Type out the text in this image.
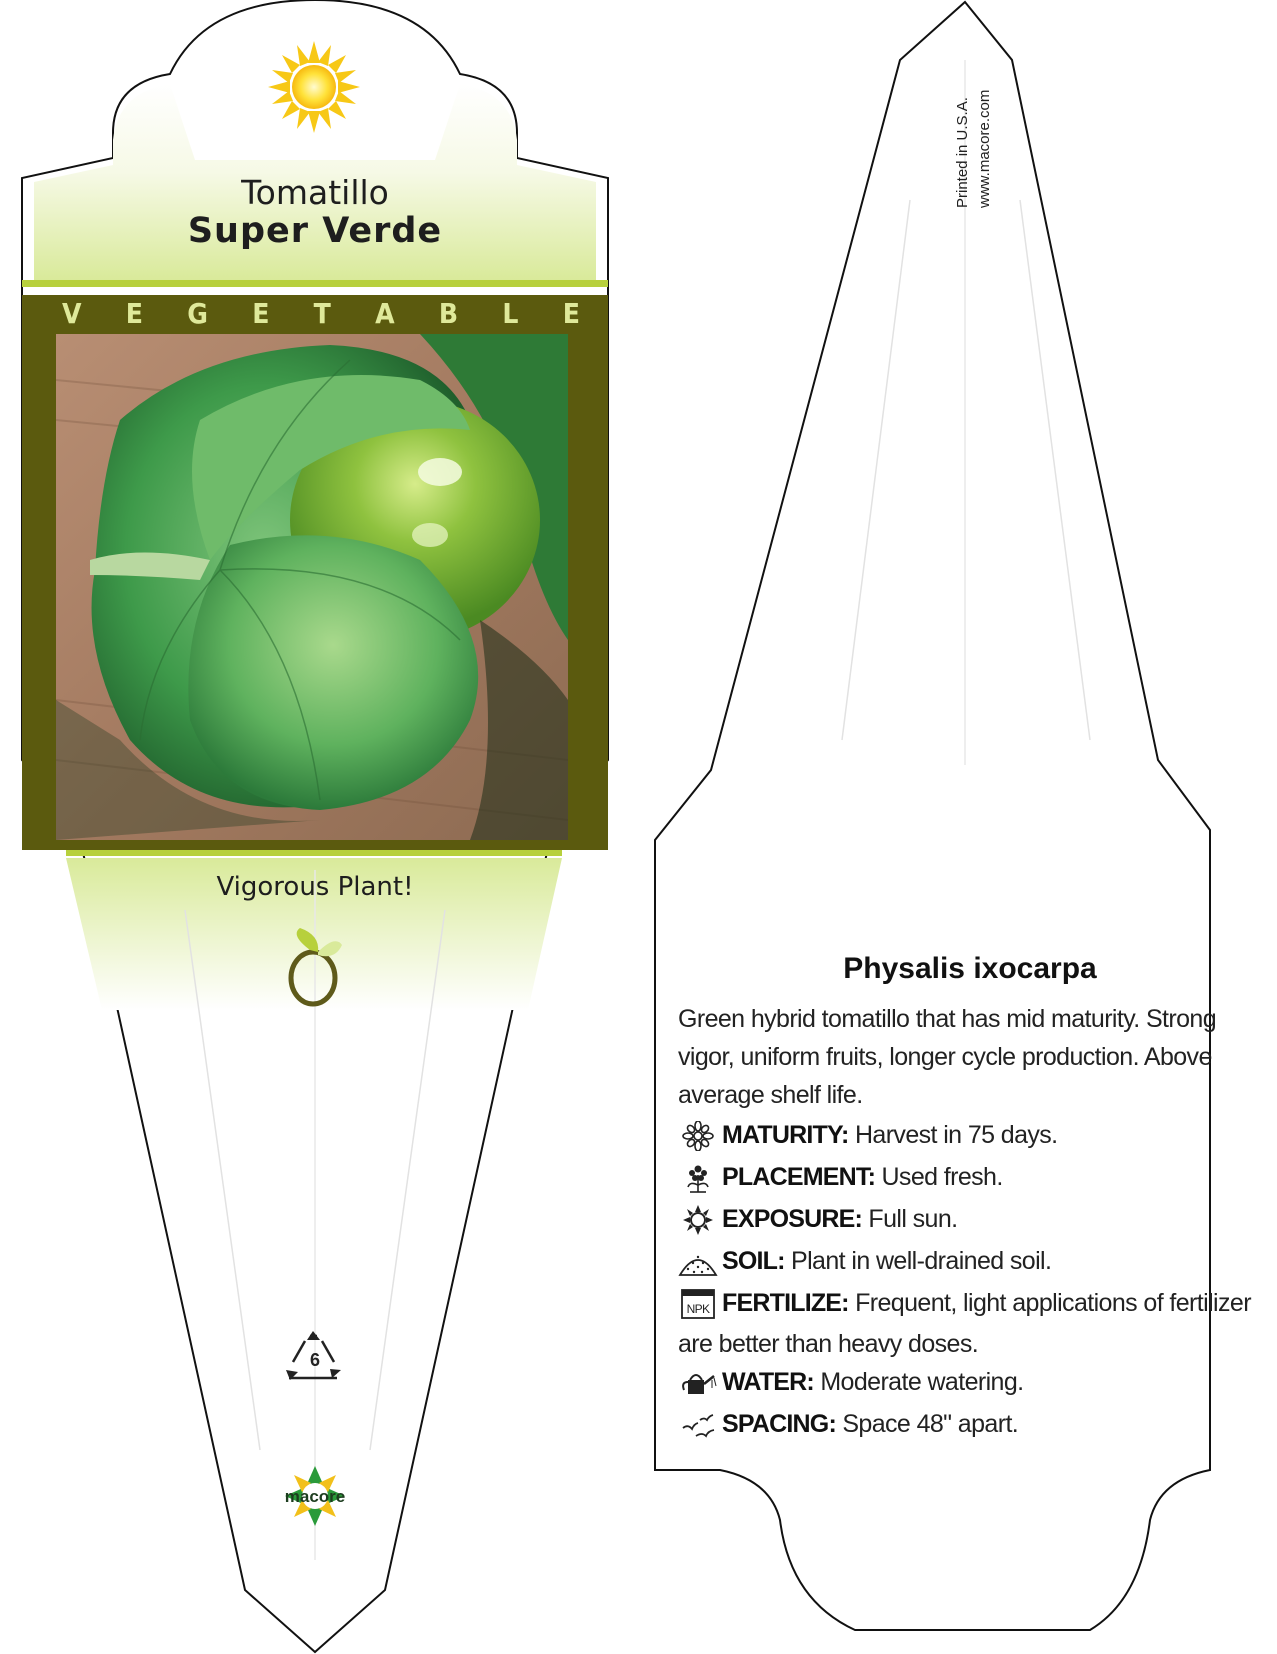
Tomatillo
Super Verde
V E G E T A B L E
Vigorous Plant!
6
macore
Printed in U.S.A. www.macore.com
Physalis ixocarpa
Green hybrid tomatillo that has mid maturity. Strong vigor, uniform fruits, longer cycle production. Above average shelf life.
MATURITY: Harvest in 75 days.
PLACEMENT: Used fresh.
EXPOSURE: Full sun.
SOIL: Plant in well-drained soil.
NPK FERTILIZE: Frequent, light applications of fertilizer
are better than heavy doses.
WATER: Moderate watering.
SPACING: Space 48" apart.
